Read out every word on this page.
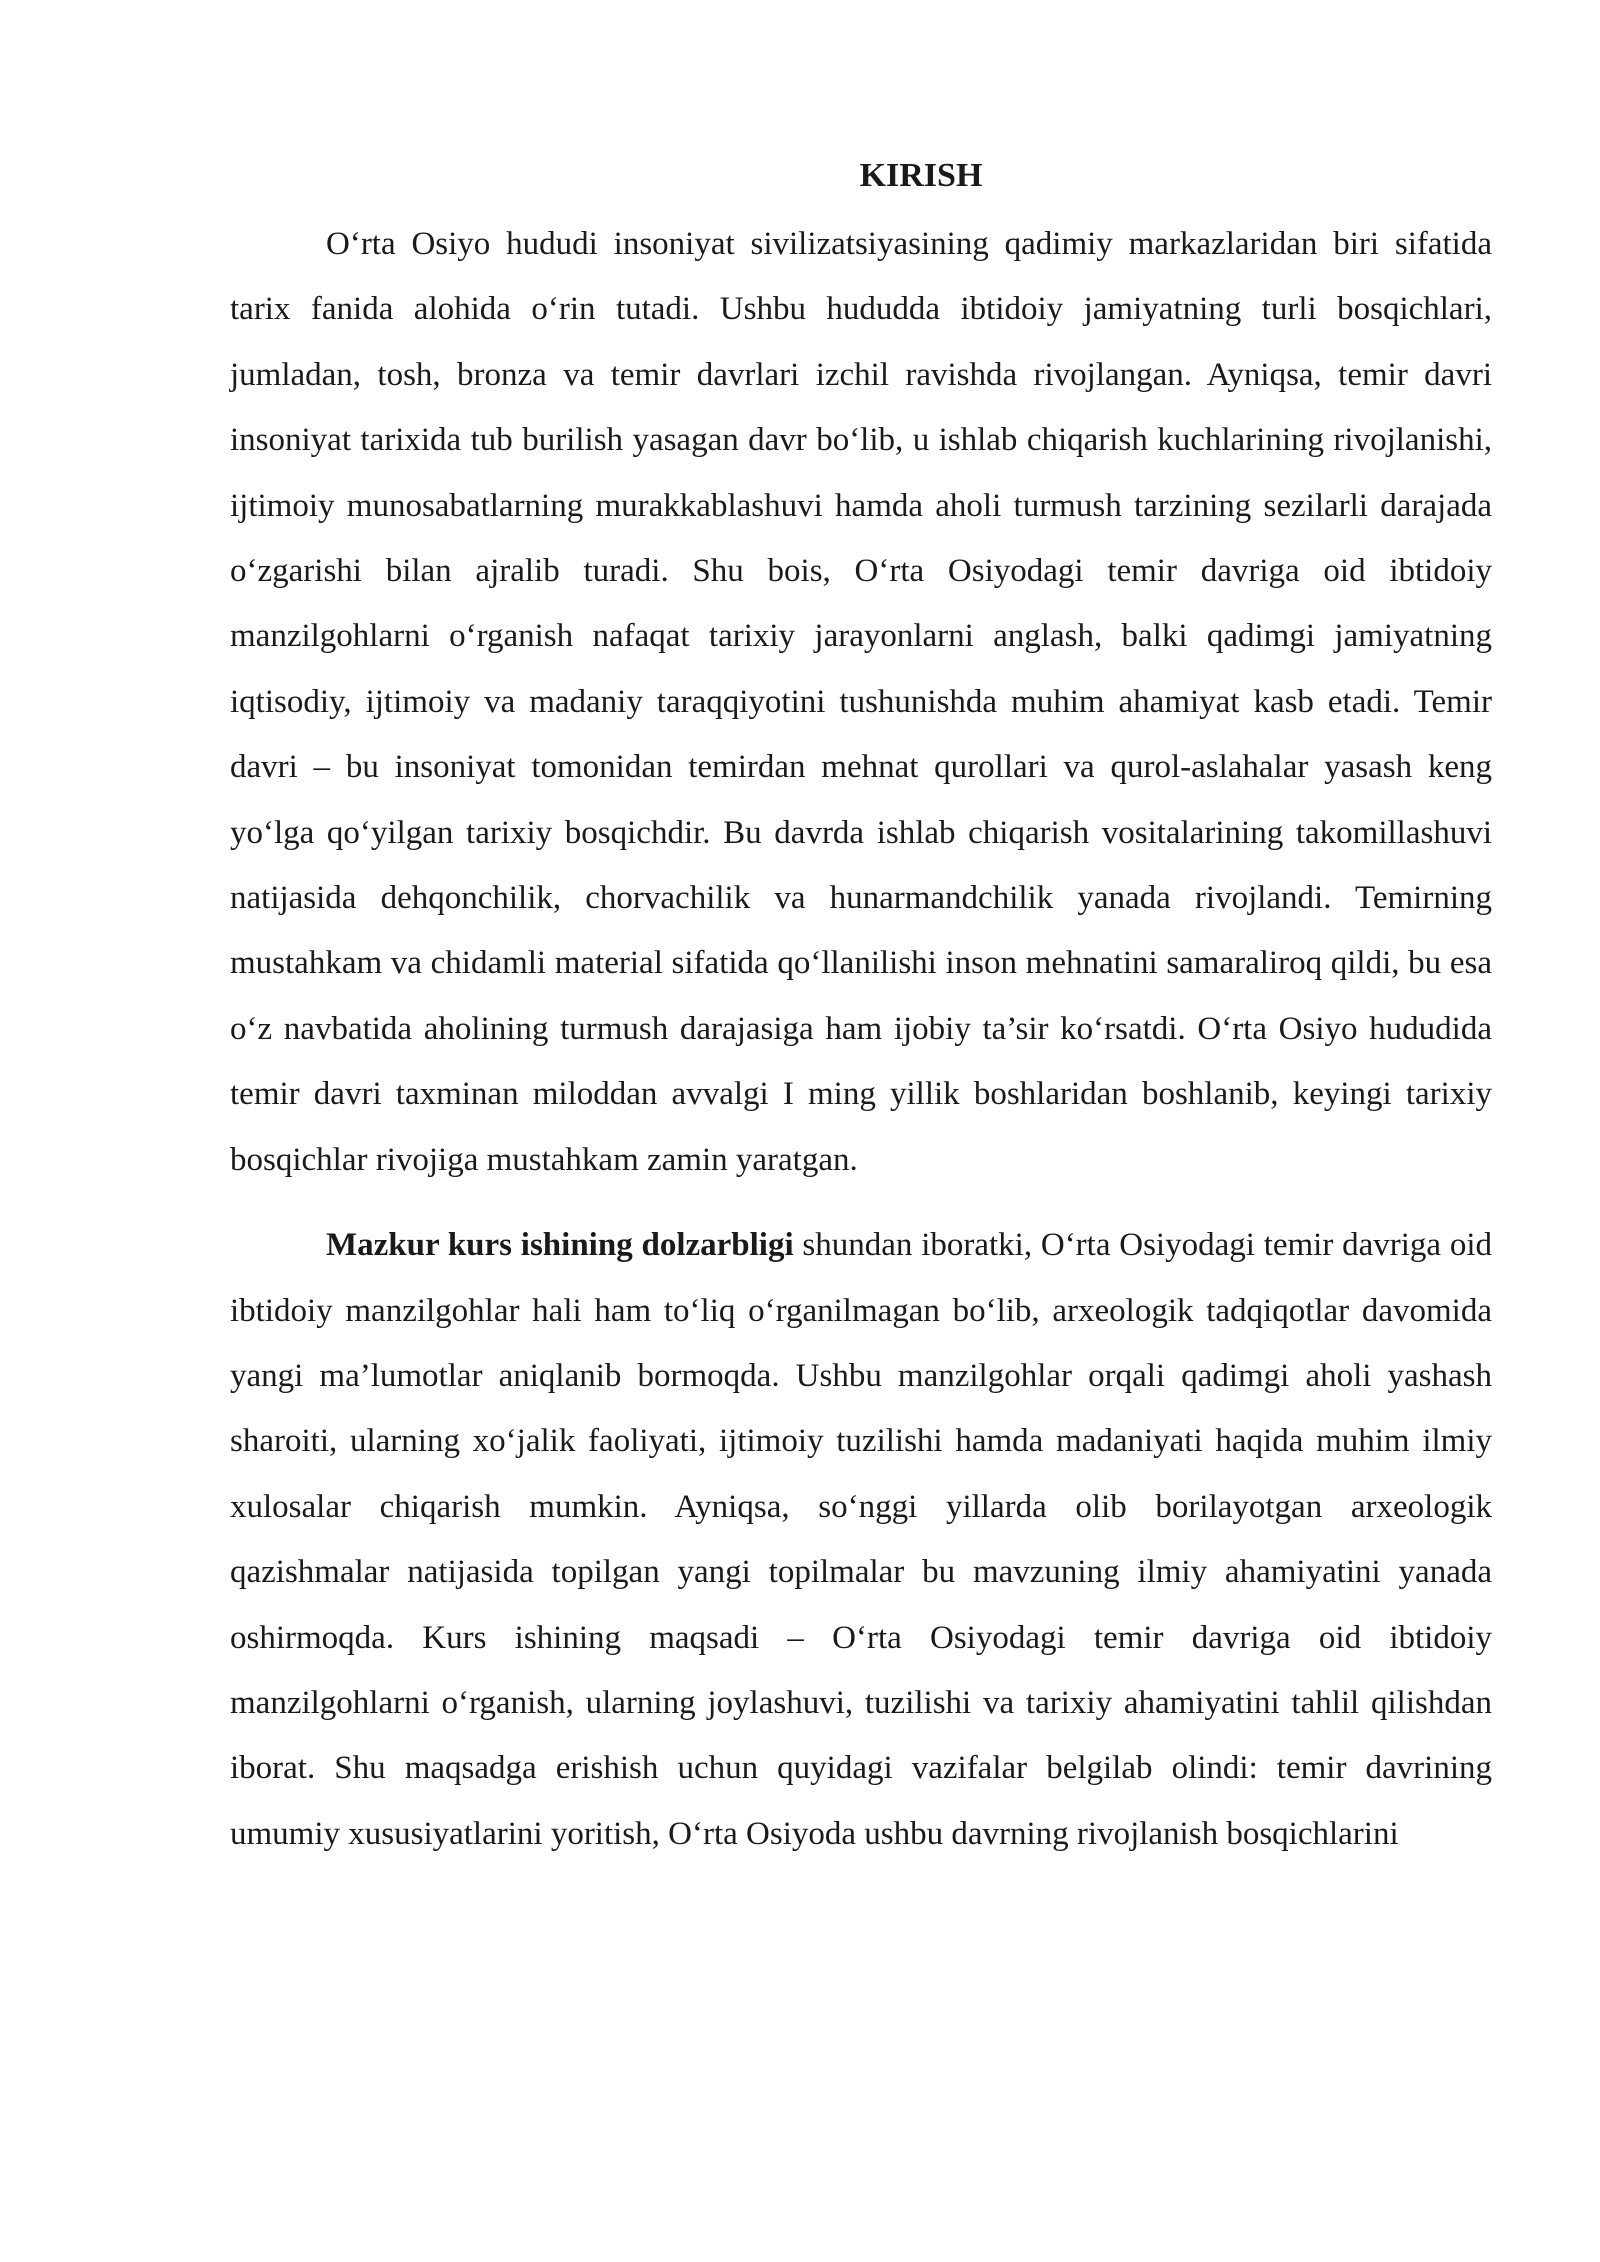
KIRISH

O‘rta Osiyo hududi insoniyat sivilizatsiyasining qadimiy markazlaridan biri sifatida tarix fanida alohida o‘rin tutadi. Ushbu hududda ibtidoiy jamiyatning turli bosqichlari, jumladan, tosh, bronza va temir davrlari izchil ravishda rivojlangan. Ayniqsa, temir davri insoniyat tarixida tub burilish yasagan davr bo‘lib, u ishlab chiqarish kuchlarining rivojlanishi, ijtimoiy munosabatlarning murakkablashuvi hamda aholi turmush tarzining sezilarli darajada o‘zgarishi bilan ajralib turadi. Shu bois, O‘rta Osiyodagi temir davriga oid ibtidoiy manzilgohlarni o‘rganish nafaqat tarixiy jarayonlarni anglash, balki qadimgi jamiyatning iqtisodiy, ijtimoiy va madaniy taraqqiyotini tushunishda muhim ahamiyat kasb etadi. Temir davri – bu insoniyat tomonidan temirdan mehnat qurollari va qurol-aslahalar yasash keng yo‘lga qo‘yilgan tarixiy bosqichdir. Bu davrda ishlab chiqarish vositalarining takomillashuvi natijasida dehqonchilik, chorvachilik va hunarmandchilik yanada rivojlandi. Temirning mustahkam va chidamli material sifatida qo‘llanilishi inson mehnatini samaraliroq qildi, bu esa o‘z navbatida aholining turmush darajasiga ham ijobiy ta’sir ko‘rsatdi. O‘rta Osiyo hududida temir davri taxminan miloddan avvalgi I ming yillik boshlaridan boshlanib, keyingi tarixiy bosqichlar rivojiga mustahkam zamin yaratgan.

Mazkur kurs ishining dolzarbligi shundan iboratki, O‘rta Osiyodagi temir davriga oid ibtidoiy manzilgohlar hali ham to‘liq o‘rganilmagan bo‘lib, arxeologik tadqiqotlar davomida yangi ma’lumotlar aniqlanib bormoqda. Ushbu manzilgohlar orqali qadimgi aholi yashash sharoiti, ularning xo‘jalik faoliyati, ijtimoiy tuzilishi hamda madaniyati haqida muhim ilmiy xulosalar chiqarish mumkin. Ayniqsa, so‘nggi yillarda olib borilayotgan arxeologik qazishmalar natijasida topilgan yangi topilmalar bu mavzuning ilmiy ahamiyatini yanada oshirmoqda. Kurs ishining maqsadi – O‘rta Osiyodagi temir davriga oid ibtidoiy manzilgohlarni o‘rganish, ularning joylashuvi, tuzilishi va tarixiy ahamiyatini tahlil qilishdan iborat. Shu maqsadga erishish uchun quyidagi vazifalar belgilab olindi: temir davrining umumiy xususiyatlarini yoritish, O‘rta Osiyoda ushbu davrning rivojlanish bosqichlarini
